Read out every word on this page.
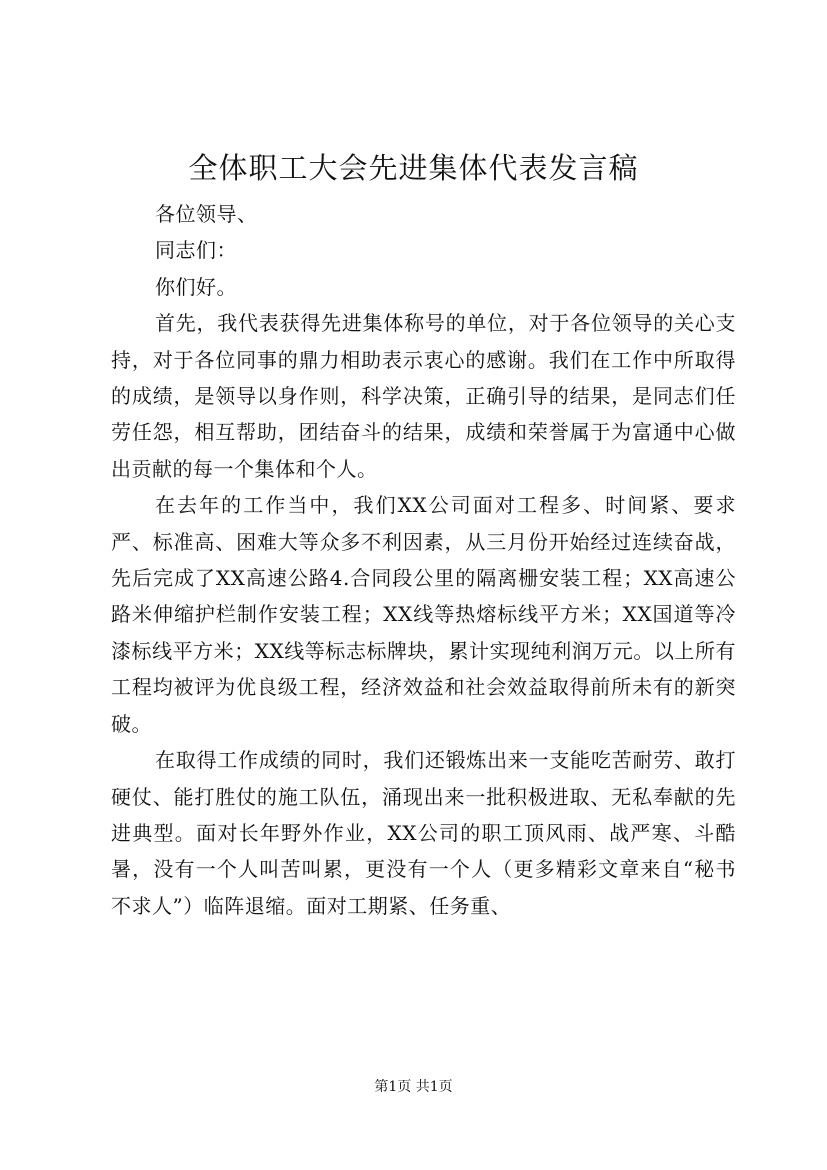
全体职工大会先进集体代表发言稿

各位领导、

同志们：

你们好。

首先，我代表获得先进集体称号的单位，对于各位领导的关心支持，对于各位同事的鼎力相助表示衷心的感谢。我们在工作中所取得的成绩，是领导以身作则，科学决策，正确引导的结果，是同志们任劳任怨，相互帮助，团结奋斗的结果，成绩和荣誉属于为富通中心做出贡献的每一个集体和个人。

在去年的工作当中，我们XX公司面对工程多、时间紧、要求严、标准高、困难大等众多不利因素，从三月份开始经过连续奋战，先后完成了XX高速公路4.合同段公里的隔离栅安装工程；XX高速公路米伸缩护栏制作安装工程；XX线等热熔标线平方米；XX国道等冷漆标线平方米；XX线等标志标牌块，累计实现纯利润万元。以上所有工程均被评为优良级工程，经济效益和社会效益取得前所未有的新突破。

在取得工作成绩的同时，我们还锻炼出来一支能吃苦耐劳、敢打硬仗、能打胜仗的施工队伍，涌现出来一批积极进取、无私奉献的先进典型。面对长年野外作业，XX公司的职工顶风雨、战严寒、斗酷暑，没有一个人叫苦叫累，更没有一个人（更多精彩文章来自“秘书不求人”）临阵退缩。面对工期紧、任务重、

第1页 共1页
